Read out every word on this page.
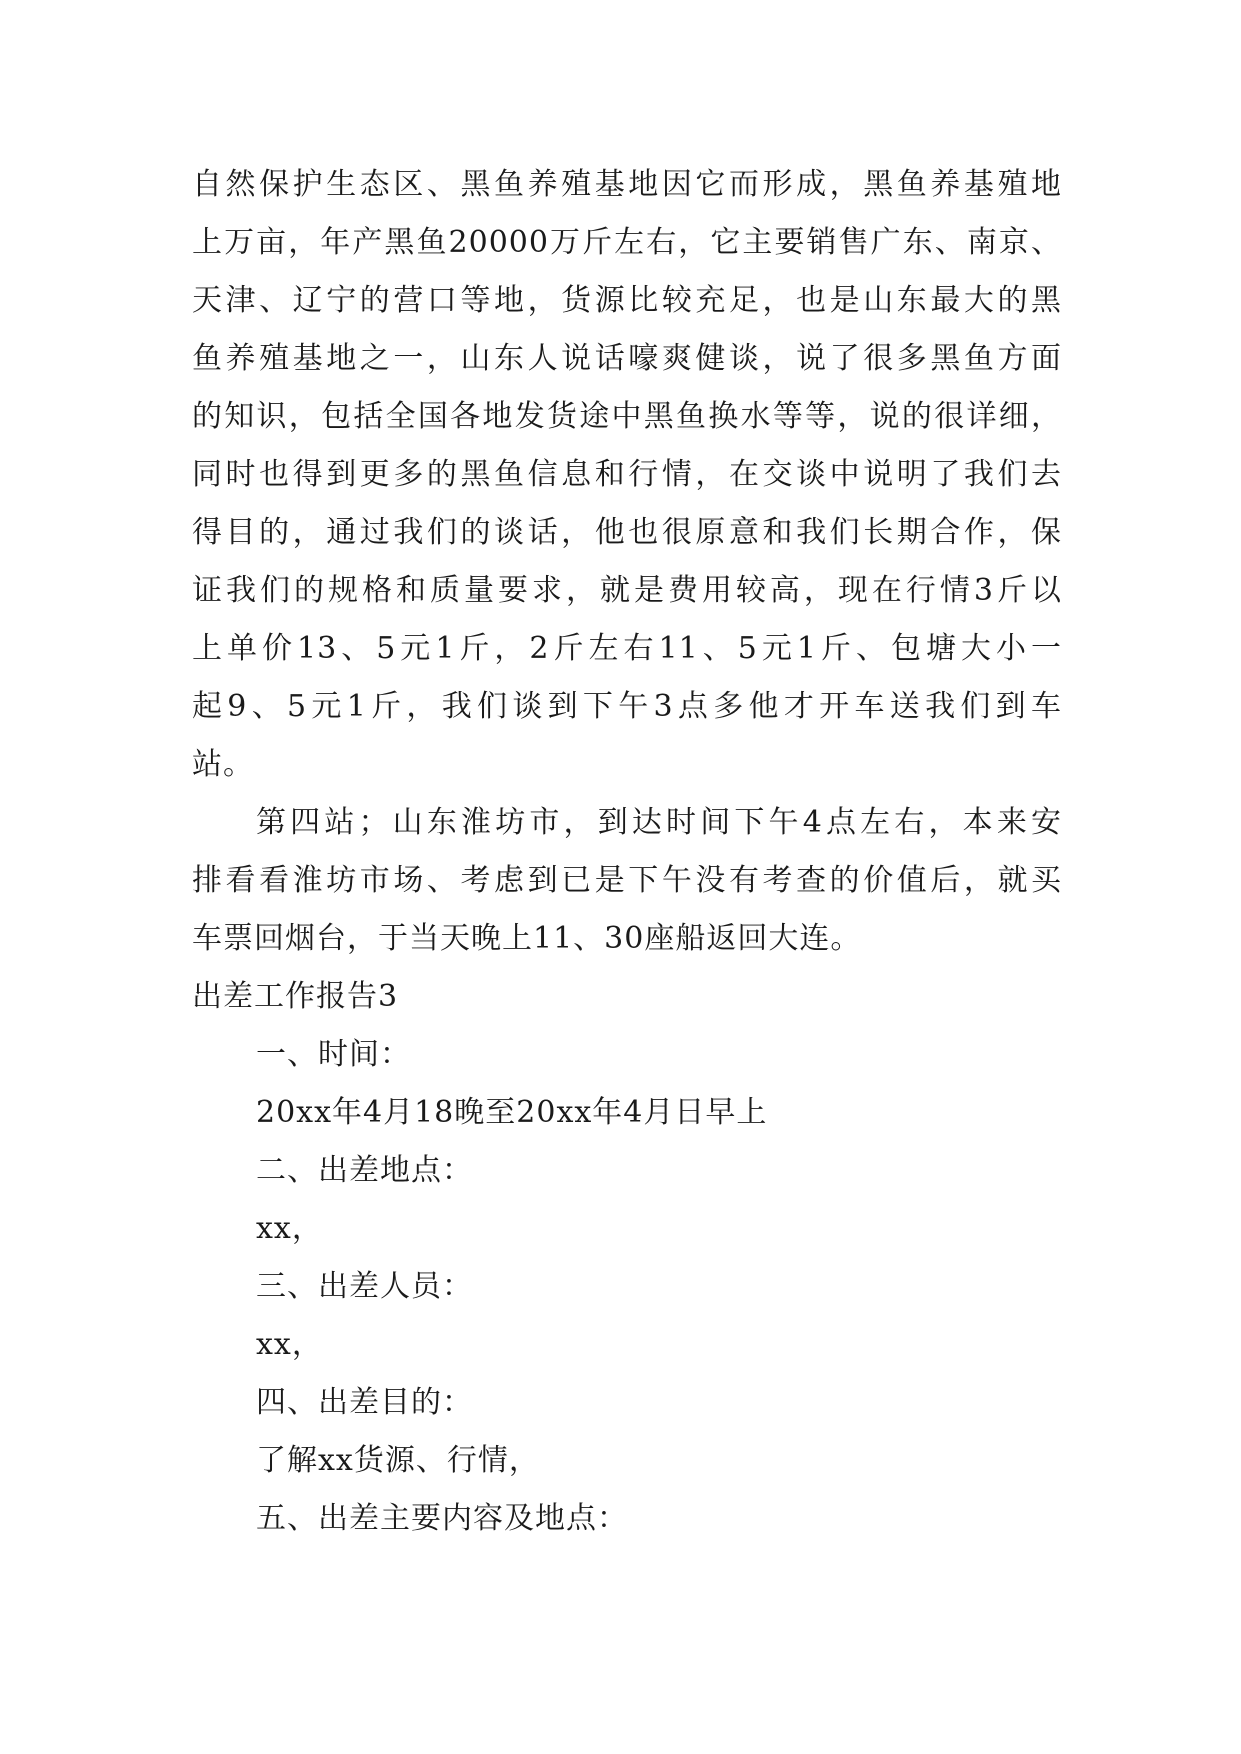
自然保护生态区、黑鱼养殖基地因它而形成，黑鱼养基殖地
上万亩，年产黑鱼20000万斤左右，它主要销售广东、南京、
天津、辽宁的营口等地，货源比较充足，也是山东最大的黑
鱼养殖基地之一，山东人说话嚎爽健谈，说了很多黑鱼方面
的知识，包括全国各地发货途中黑鱼换水等等，说的很详细，
同时也得到更多的黑鱼信息和行情，在交谈中说明了我们去
得目的，通过我们的谈话，他也很原意和我们长期合作，保
证我们的规格和质量要求，就是费用较高，现在行情3斤以
上单价13、5元1斤，2斤左右11、5元1斤、包塘大小一
起9、5元1斤，我们谈到下午3点多他才开车送我们到车
站。
第四站；山东淮坊市，到达时间下午4点左右，本来安
排看看淮坊市场、考虑到已是下午没有考查的价值后，就买
车票回烟台，于当天晚上11、30座船返回大连。
出差工作报告3
一、时间：
20xx年4月18晚至20xx年4月日早上
二、出差地点：
xx，
三、出差人员：
xx，
四、出差目的：
了解xx货源、行情，
五、出差主要内容及地点：
